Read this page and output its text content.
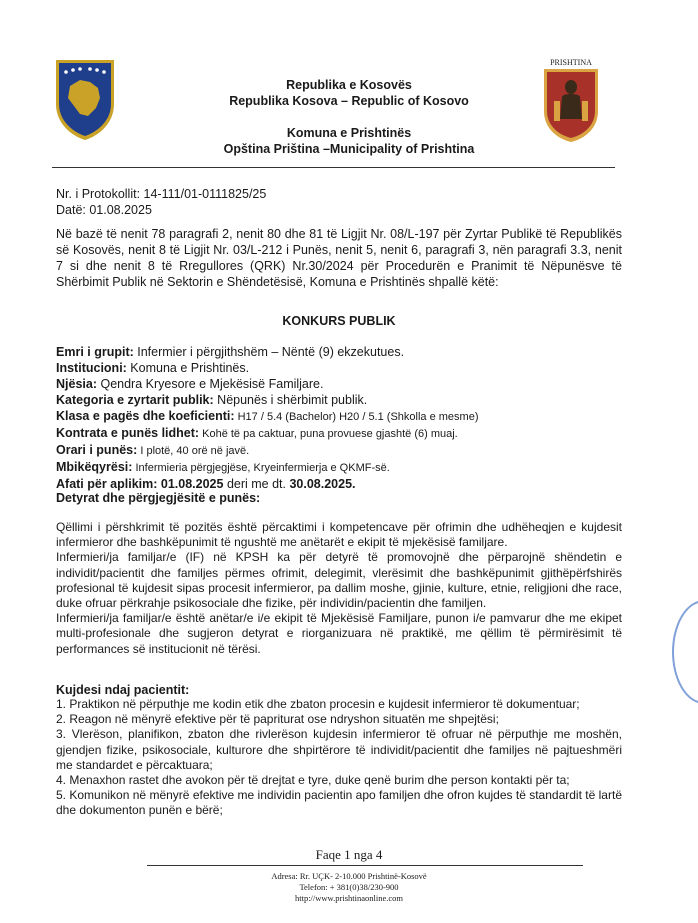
Republika e Kosovës
Republika Kosova – Republic of Kosovo
Komuna e Prishtinës
Opština Priština –Municipality of Prishtina
PRISHTINA
Nr. i Protokollit: 14-111/01-0111825/25
Datë: 01.08.2025
Në bazë të nenit 78 paragrafi 2, nenit 80 dhe 81 të Ligjit Nr. 08/L-197 për Zyrtar Publikë të Republikës së Kosovës, nenit 8 të Ligjit Nr. 03/L-212 i Punës, nenit 5, nenit 6, paragrafi 3, nën paragrafi 3.3, nenit 7 si dhe nenit 8 të Rregullores (QRK) Nr.30/2024 për Procedurën e Pranimit të Nëpunësve të Shërbimit Publik në Sektorin e Shëndetësisë, Komuna e Prishtinës shpallë këtë:
KONKURS PUBLIK
Emri i grupit: Infermier i përgjithshëm – Nëntë (9) ekzekutues.
Institucioni: Komuna e Prishtinës.
Njësia: Qendra Kryesore e Mjekësisë Familjare.
Kategoria e zyrtarit publik: Nëpunës i shërbimit publik.
Klasa e pagës dhe koeficienti: H17 / 5.4 (Bachelor) H20 / 5.1 (Shkolla e mesme)
Kontrata e punës lidhet: Kohë të pa caktuar, puna provuese gjashtë (6) muaj.
Orari i punës: I plotë, 40 orë në javë.
Mbikëqyrësi: Infermieria përgjegjëse, Kryeinfermierja e QKMF-së.
Afati për aplikim: 01.08.2025 deri me dt. 30.08.2025.
Detyrat dhe përgjegjësitë e punës:

Qëllimi i përshkrimit të pozitës është përcaktimi i kompetencave për ofrimin dhe udhëheqjen e kujdesit infermieror dhe bashkëpunimit të ngushtë me anëtarët e ekipit të mjekësisë familjare.

Infermieri/ja familjar/e (IF) në KPSH ka për detyrë të promovojnë dhe përparojnë shëndetin e individit/pacientit dhe familjes përmes ofrimit, delegimit, vlerësimit dhe bashkëpunimit gjithëpërfshirës profesional të kujdesit sipas procesit infermieror, pa dallim moshe, gjinie, kulture, etnie, religjioni dhe race, duke ofruar përkrahje psikosociale dhe fizike, për individin/pacientin dhe familjen.

Infermieri/ja familjar/e është anëtar/e i/e ekipit të Mjekësisë Familjare, punon i/e pamvarur dhe me ekipet multi-profesionale dhe sugjeron detyrat e riorganizuara në praktikë, me qëllim të përmirësimit të performances së institucionit në tërësi.

Kujdesi ndaj pacientit:

1. Praktikon në përputhje me kodin etik dhe zbaton procesin e kujdesit infermieror të dokumentuar;

2. Reagon në mënyrë efektive për të papriturat ose ndryshon situatën me shpejtësi;

3. Vlerëson, planifikon, zbaton dhe rivlerëson kujdesin infermieror të ofruar në përputhje me moshën, gjendjen fizike, psikosociale, kulturore dhe shpirtërore të individit/pacientit dhe familjes në pajtueshmëri me standardet e përcaktuara;

4. Menaxhon rastet dhe avokon për të drejtat e tyre, duke qenë burim dhe person kontakti për ta;

5. Komunikon në mënyrë efektive me individin pacientin apo familjen dhe ofron kujdes të standardit të lartë dhe dokumenton punën e bërë;

Faqe 1 nga 4
Adresa: Rr. UÇK- 2-10.000 Prishtinë-Kosovë
Telefon: + 381(0)38/230-900
http://www.prishtinaonline.com
